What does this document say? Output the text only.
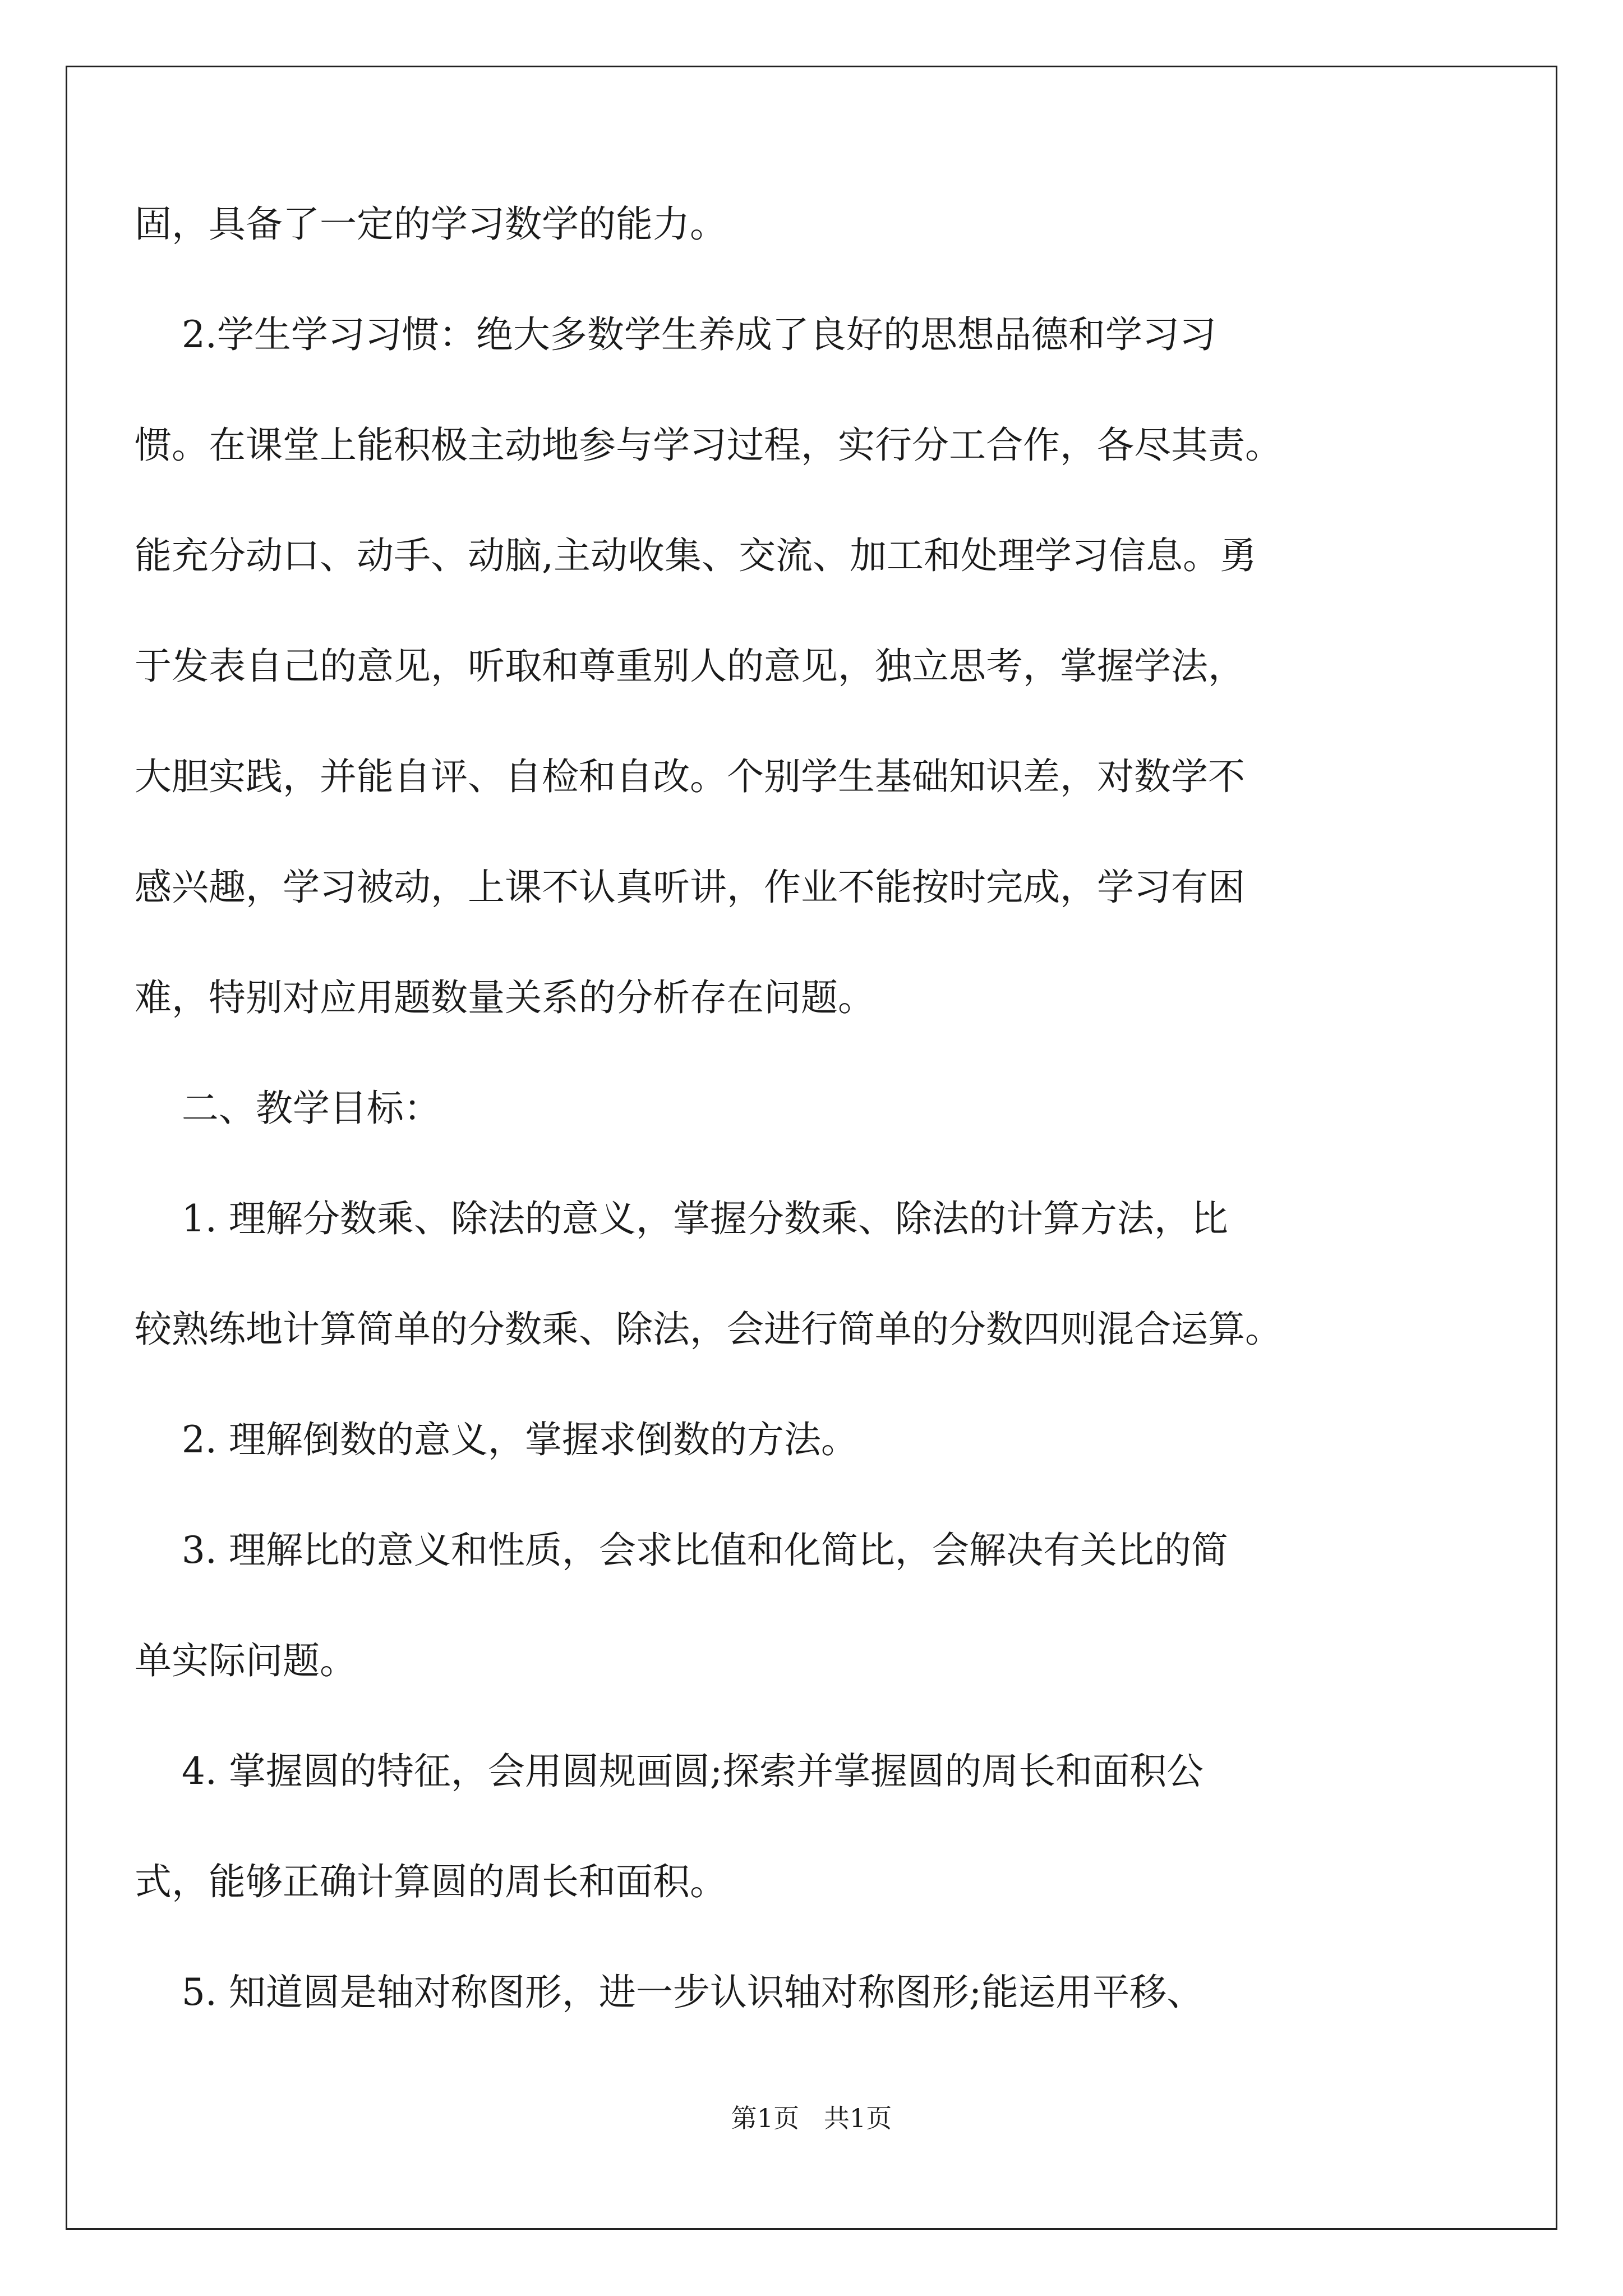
固，具备了一定的学习数学的能力。
2.学生学习习惯：绝大多数学生养成了良好的思想品德和学习习
惯。在课堂上能积极主动地参与学习过程，实行分工合作，各尽其责。
能充分动口、动手、动脑,主动收集、交流、加工和处理学习信息。勇
于发表自己的意见，听取和尊重别人的意见，独立思考，掌握学法，
大胆实践，并能自评、自检和自改。个别学生基础知识差，对数学不
感兴趣，学习被动，上课不认真听讲，作业不能按时完成，学习有困
难，特别对应用题数量关系的分析存在问题。
二、教学目标：
1. 理解分数乘、除法的意义，掌握分数乘、除法的计算方法，比
较熟练地计算简单的分数乘、除法，会进行简单的分数四则混合运算。
2. 理解倒数的意义，掌握求倒数的方法。
3. 理解比的意义和性质，会求比值和化简比，会解决有关比的简
单实际问题。
4. 掌握圆的特征，会用圆规画圆;探索并掌握圆的周长和面积公
式，能够正确计算圆的周长和面积。
5. 知道圆是轴对称图形，进一步认识轴对称图形;能运用平移、
第1页   共1页
